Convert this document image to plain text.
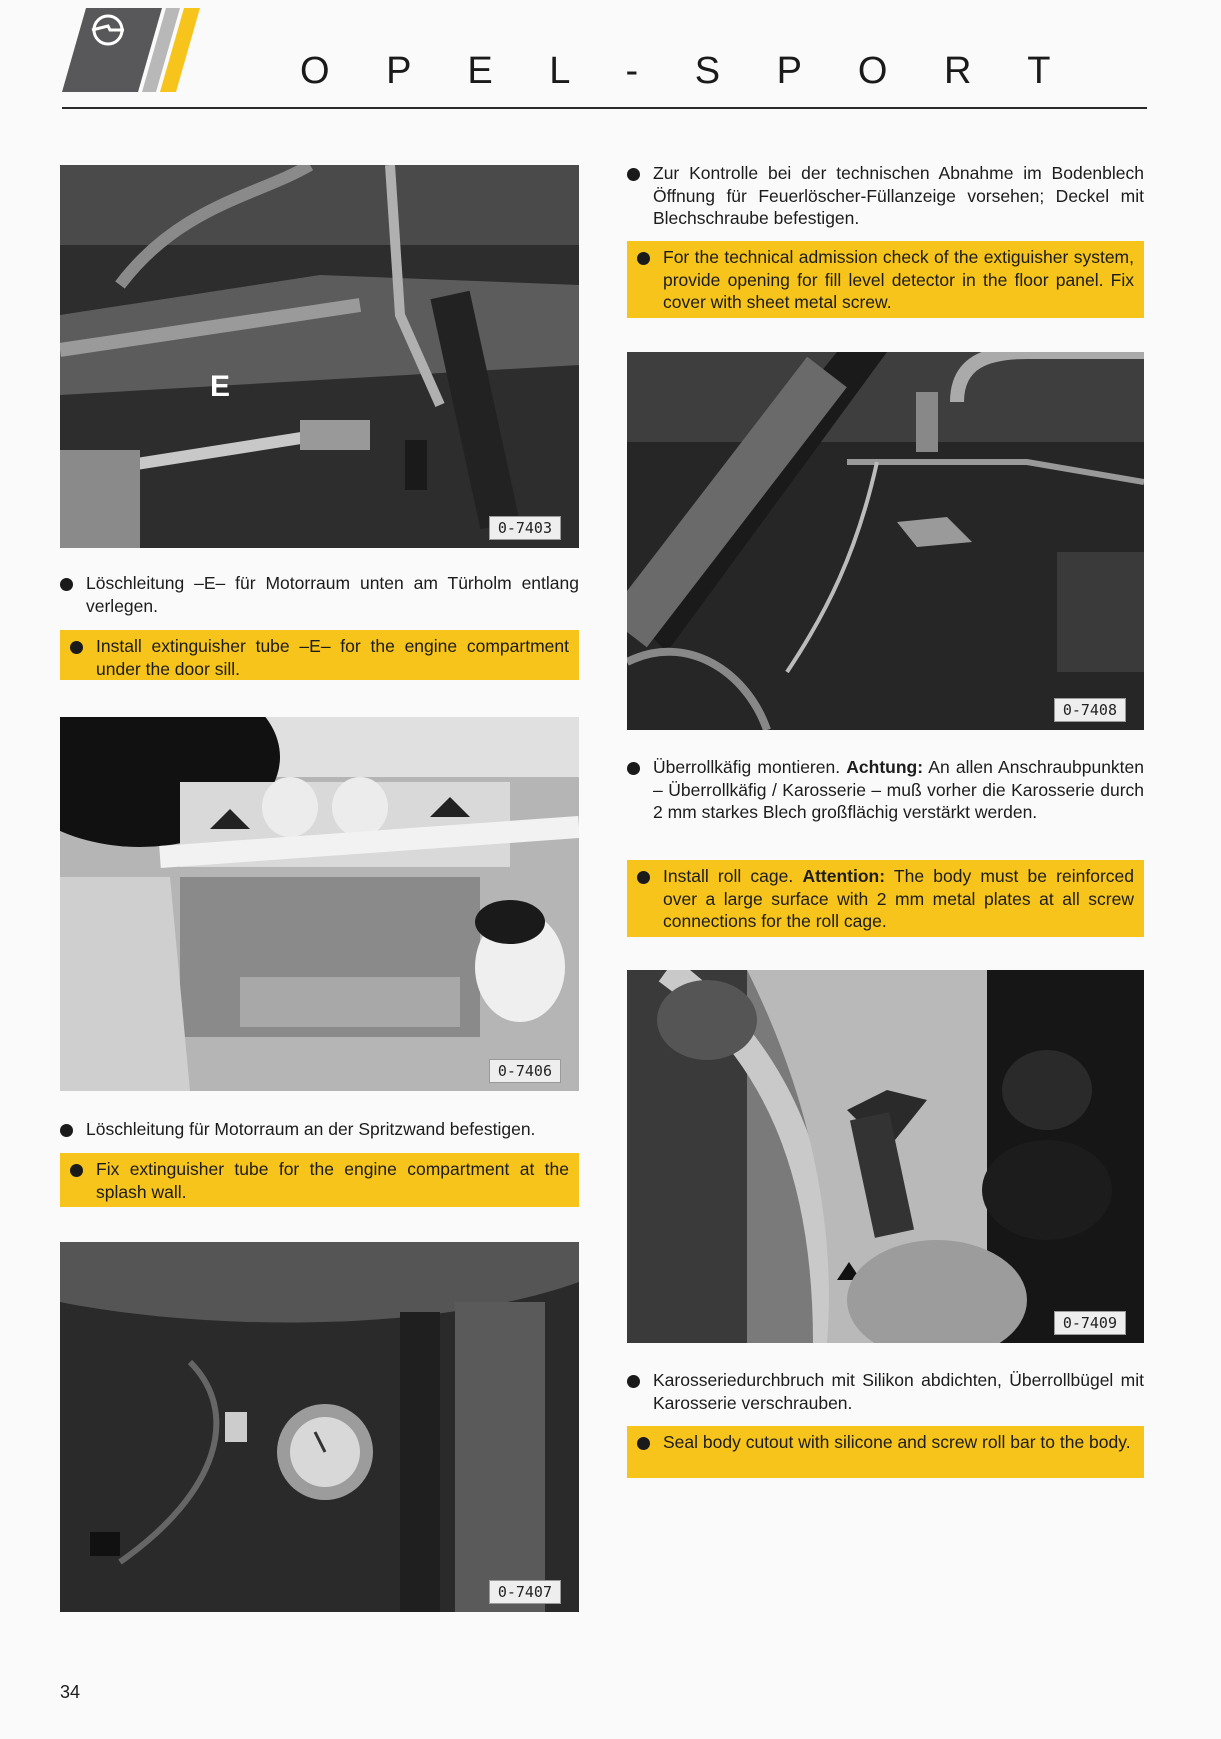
O P E L - S P O R T
E
0-7403
Löschleitung –E– für Motorraum unten am Türholm entlang verlegen.
Install extinguisher tube –E– for the engine compartment under the door sill.
0-7406
Löschleitung für Motorraum an der Spritzwand befestigen.
Fix extinguisher tube for the engine compartment at the splash wall.
0-7407
Zur Kontrolle bei der technischen Abnahme im Bodenblech Öffnung für Feuerlöscher-Füllanzeige vorsehen; Deckel mit Blechschraube befestigen.
For the technical admission check of the extiguisher system, provide opening for fill level detector in the floor panel. Fix cover with sheet metal screw.
0-7408
Überrollkäfig montieren. Achtung: An allen Anschraubpunkten – Überrollkäfig / Karosserie – muß vorher die Karosserie durch 2 mm starkes Blech großflächig verstärkt werden.
Install roll cage. Attention: The body must be reinforced over a large surface with 2 mm metal plates at all screw connections for the roll cage.
0-7409
Karosseriedurchbruch mit Silikon abdichten, Überrollbügel mit Karosserie verschrauben.
Seal body cutout with silicone and screw roll bar to the body.
34
